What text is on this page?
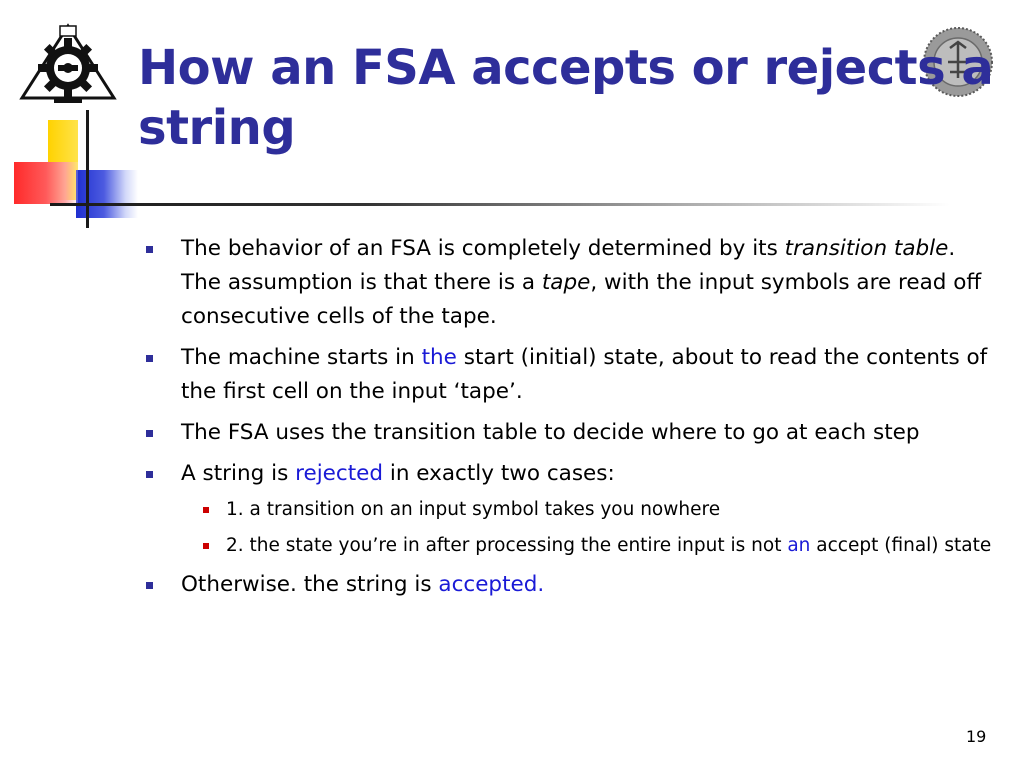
How an FSA accepts or rejects a string
The behavior of an FSA is completely determined by its transition table. The assumption is that there is a tape, with the input symbols are read off consecutive cells of the tape.
The machine starts in the start (initial) state, about to read the contents of the first cell on the input ‘tape’.
The FSA uses the transition table to decide where to go at each step
A string is rejected in exactly two cases:
1. a transition on an input symbol takes you nowhere
2. the state you’re in after processing the entire input is not an accept (final) state
Otherwise. the string is accepted.
19
